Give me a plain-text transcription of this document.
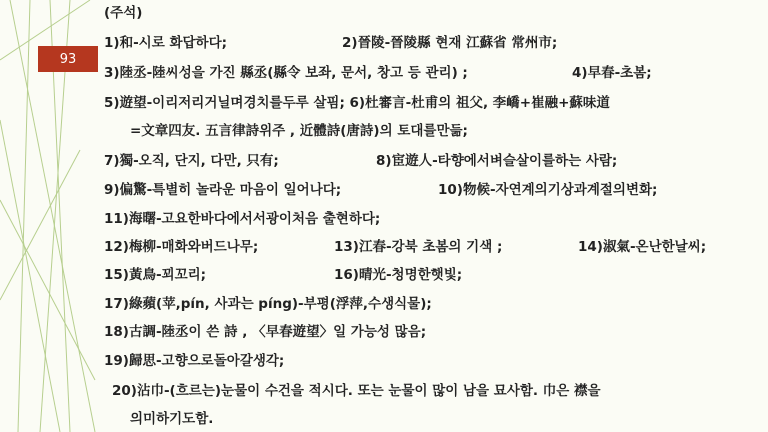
93
(주석)
1)和-시로 화답하다;	2)晉陵-晉陵縣 현재 江蘇省 常州市;
3)陸丞-陸씨성을 가진 縣丞(縣令 보좌, 문서, 창고 등 관리) ;	4)早春-초봄;
5)遊望-이리저리거닐며경치를두루 살핌; 6)杜審言-杜甫의 祖父, 李嶠+崔融+蘇味道
=文章四友. 五言律詩위주 , 近體詩(唐詩)의 토대를만듦;
7)獨-오직, 단지, 다만, 只有;	8)宦遊人-타향에서벼슬살이를하는 사람;
9)偏驚-특별히 놀라운 마음이 일어나다;	10)物候-자연계의기상과계절의변화;
11)海曙-고요한바다에서서광이처음 출현하다;
12)梅柳-매화와버드나무;	13)江春-강북 초봄의 기색 ;	14)淑氣-온난한날씨;
15)黃鳥-꾀꼬리;	16)晴光-청명한햇빛;
17)綠蘋(苹,pín, 사과는 píng)-부평(浮萍,수생식물);
18)古調-陸丞이 쓴 詩 , 〈早春遊望〉일 가능성 많음;
19)歸思-고향으로돌아갈생각;
20)沾巾-(흐르는)눈물이 수건을 적시다. 또는 눈물이 많이 남을 묘사함. 巾은 襟을
의미하기도함.
